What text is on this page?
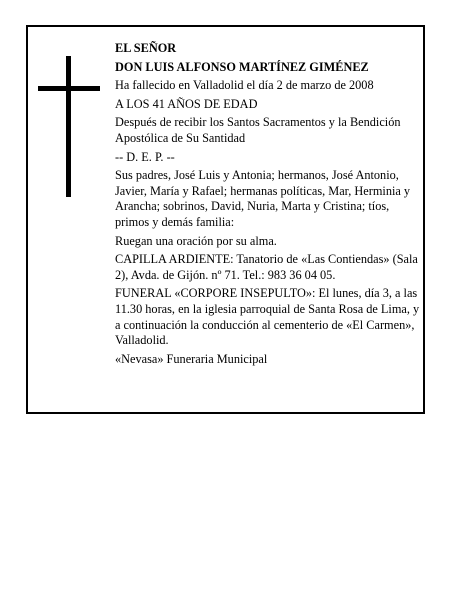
EL SEÑOR

DON LUIS ALFONSO MARTÍNEZ GIMÉNEZ

Ha fallecido en Valladolid el día 2 de marzo de 2008

A LOS 41 AÑOS DE EDAD

Después de recibir los Santos Sacramentos y la Bendición Apostólica de Su Santidad

-- D. E. P. --

Sus padres, José Luis y Antonia; hermanos, José Antonio, Javier, María y Rafael; hermanas políticas, Mar, Herminia y Arancha; sobrinos, David, Nuria, Marta y Cristina; tíos, primos y demás familia:

Ruegan una oración por su alma.

CAPILLA ARDIENTE: Tanatorio de «Las Contiendas» (Sala 2), Avda. de Gijón. nº 71. Tel.: 983 36 04 05.

FUNERAL «CORPORE INSEPULTO»: El lunes, día 3, a las 11.30 horas, en la iglesia parroquial de Santa Rosa de Lima, y a continuación la conducción al cementerio de «El Carmen», Valladolid.

«Nevasa» Funeraria Municipal
